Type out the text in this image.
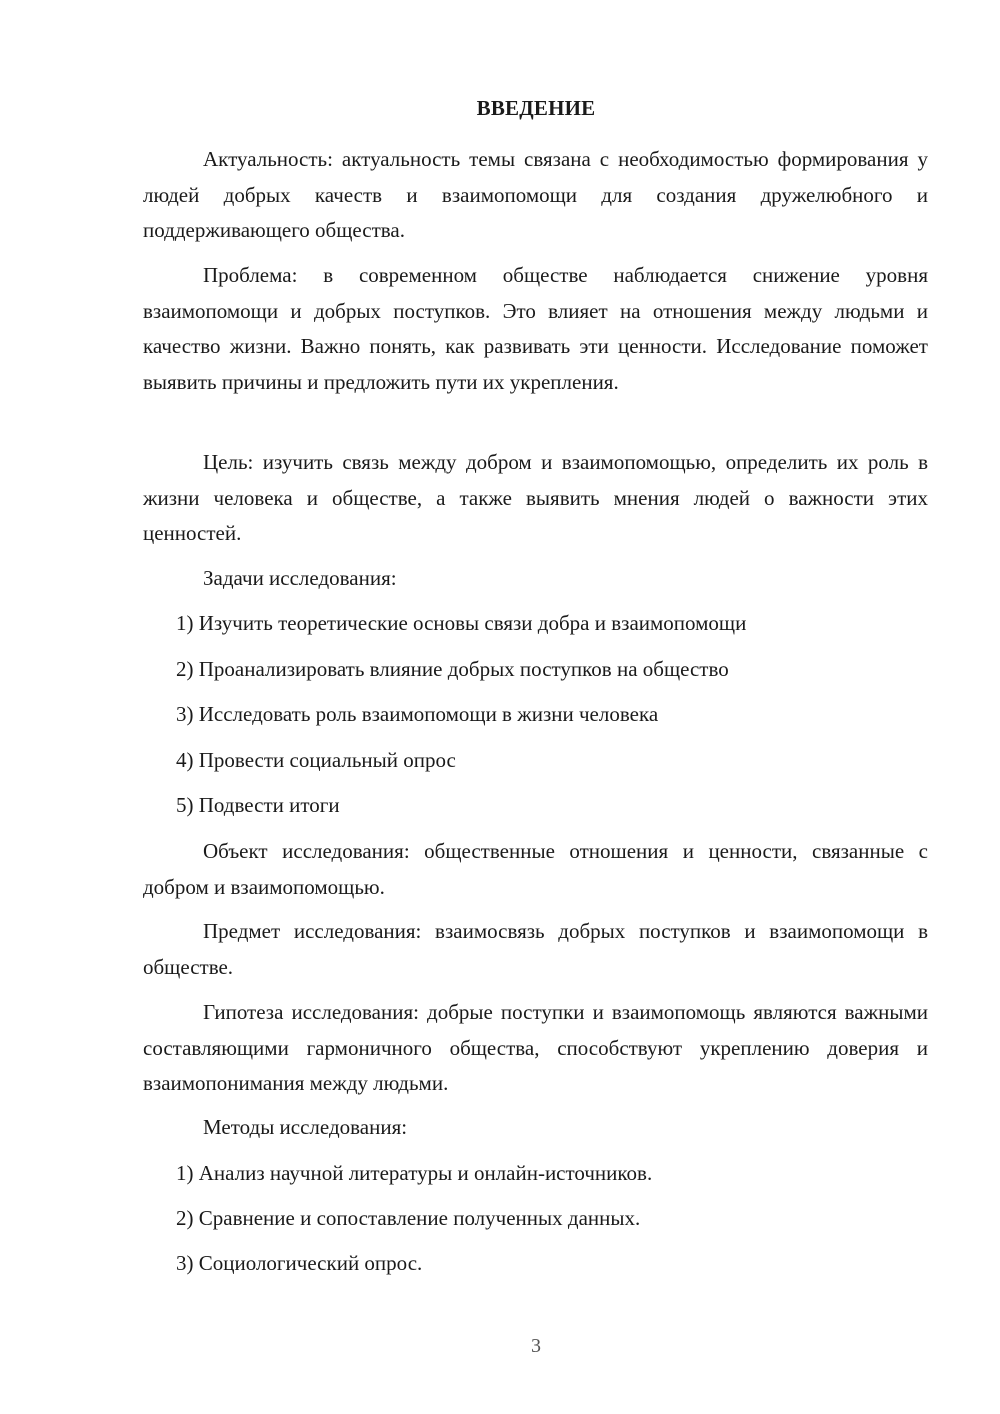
ВВЕДЕНИЕ
Актуальность: актуальность темы связана с необходимостью формирования у людей добрых качеств и взаимопомощи для создания дружелюбного и поддерживающего общества.
Проблема: в современном обществе наблюдается снижение уровня взаимопомощи и добрых поступков. Это влияет на отношения между людьми и качество жизни. Важно понять, как развивать эти ценности. Исследование поможет выявить причины и предложить пути их укрепления.
Цель: изучить связь между добром и взаимопомощью, определить их роль в жизни человека и обществе, а также выявить мнения людей о важности этих ценностей.
Задачи исследования:
1) Изучить теоретические основы связи добра и взаимопомощи
2) Проанализировать влияние добрых поступков на общество
3) Исследовать роль взаимопомощи в жизни человека
4) Провести социальный опрос
5) Подвести итоги
Объект исследования: общественные отношения и ценности, связанные с добром и взаимопомощью.
Предмет исследования: взаимосвязь добрых поступков и взаимопомощи в обществе.
Гипотеза исследования: добрые поступки и взаимопомощь являются важными составляющими гармоничного общества, способствуют укреплению доверия и взаимопонимания между людьми.
Методы исследования:
1) Анализ научной литературы и онлайн-источников.
2) Сравнение и сопоставление полученных данных.
3) Социологический опрос.
3
